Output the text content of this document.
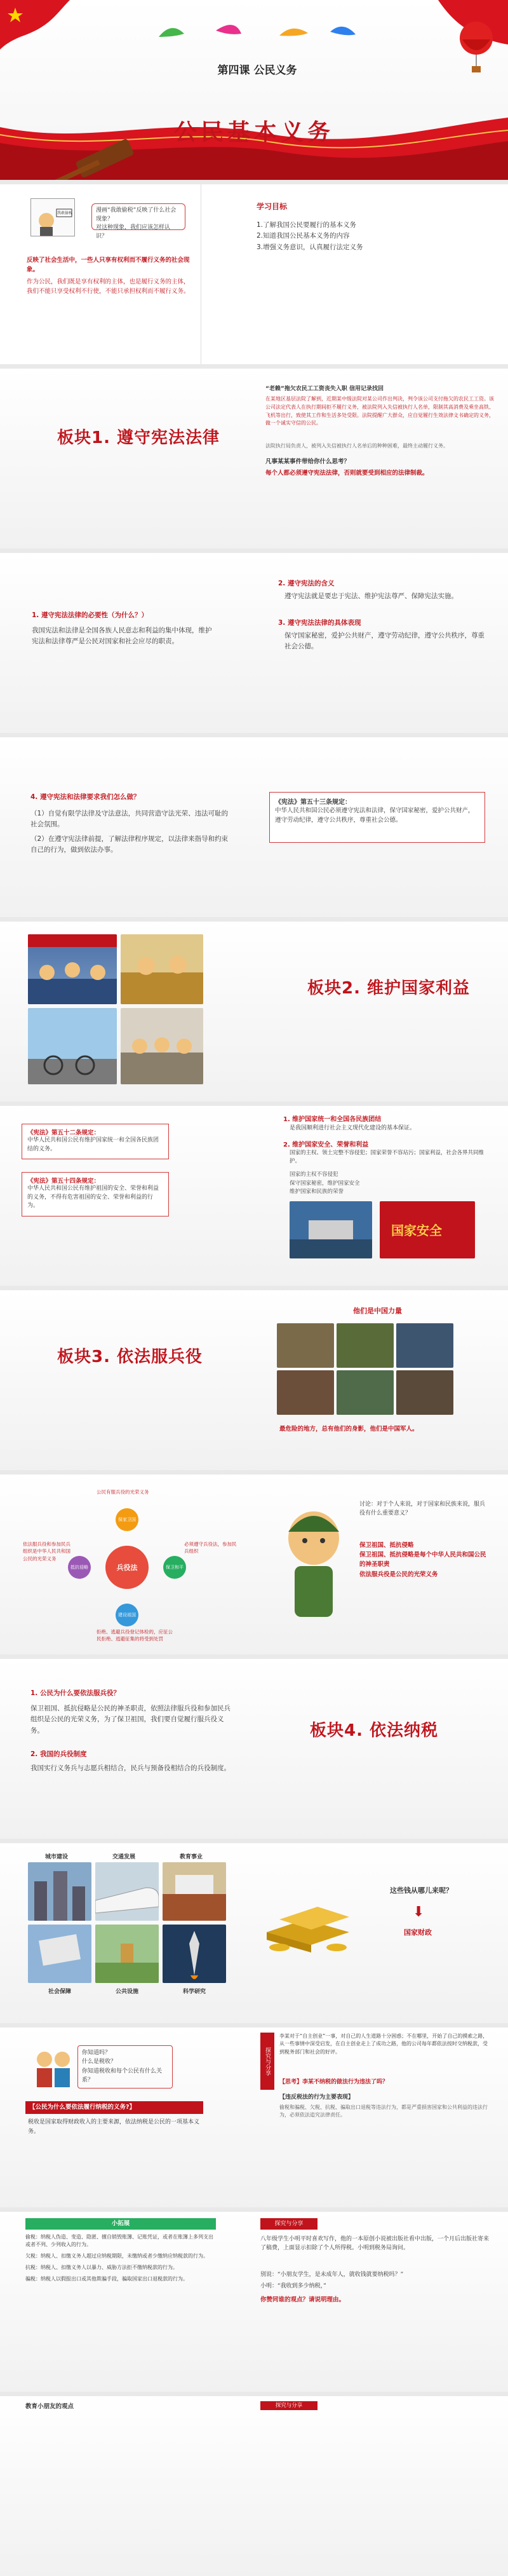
第四课 公民义务
公民基本义务
我敢偷税	漫画“我敢偷税”反映了什么社会现象？
对这种现象，我们应该怎样认识？
反映了社会生活中，一些人只享有权利而不履行义务的社会现象。
作为公民，我们既是享有权利的主体，也是履行义务的主体，我们不能只享受权利不行使，不能只承担权利而不履行义务。
学习目标
1.了解我国公民要履行的基本义务
2.知道我国公民基本义务的内容
3.增强义务意识，认真履行法定义务
板块1. 遵守宪法法律
“老赖”拖欠农民工工资丧失入职 信用记录找回
在某地区基层法院了解到，近期某中级法院对某公司作出判决，判令该公司支付拖欠的农民工工资。该公司法定代表人在执行期间拒不履行义务，被法院列入失信被执行人名单，限制其高消费及乘坐高铁、飞机等出行，致使其工作和生活多处受限。法院提醒广大群众，应自觉履行生效法律文书确定的义务，做一个诚实守信的公民。
法院执行局负责人，被列入失信被执行人名单后的种种困难，最终主动履行义务。
凡事某某事件带给你什么思考？
每个人都必须遵守宪法法律，否则就要受到相应的法律制裁。
1. 遵守宪法法律的必要性（为什么？）
我国宪法和法律是全国各族人民意志和利益的集中体现，维护宪法和法律尊严是公民对国家和社会应尽的职责。
2. 遵守宪法的含义
遵守宪法就是要忠于宪法、维护宪法尊严、保障宪法实施。
3. 遵守宪法法律的具体表现
保守国家秘密，爱护公共财产，遵守劳动纪律，遵守公共秩序，尊重社会公德。
4. 遵守宪法和法律要求我们怎么做？
（1）自觉有限学法律及守法意法，共同营造守法光荣、违法可耻的社会氛围。
（2）在遵守宪法律前提，了解法律程序规定，以法律来指导和约束自己的行为，做到依法办事。
《宪法》第五十三条规定：
中华人民共和国公民必须遵守宪法和法律，保守国家秘密，爱护公共财产，遵守劳动纪律，遵守公共秩序，尊重社会公德。
板块2. 维护国家利益
《宪法》第五十二条规定：
中华人民共和国公民有维护国家统一和全国各民族团结的义务。
《宪法》第五十四条规定：
中华人民共和国公民有维护祖国的安全、荣誉和利益的义务，不得有危害祖国的安全、荣誉和利益的行为。
1. 维护国家统一和全国各民族团结
是我国顺利进行社会主义现代化建设的基本保证。
2. 维护国家安全、荣誉和利益
国家的主权、领土完整不容侵犯；国家荣誉不容玷污；国家利益，社会各界共同维护。
国家的主权不容侵犯
保守国家秘密，维护国家安全
维护国家和民族的荣誉
国家安全
板块3. 依法服兵役
他们是中国力量
最危险的地方，总有他们的身影，他们是中国军人。
兵役法
保家卫国
抵抗侵略	保卫和平
建设祖国
依法服兵役和参加民兵组织是中华人民共和国公民的光荣义务
必须遵守兵役法，参加民兵组织
拒绝、逃避兵役登记体检的，应征公民拒绝、逃避征集的将受到处罚
公民有服兵役的光荣义务
讨论：对于个人来说，对于国家和民族来说，服兵役有什么重要意义？
保卫祖国、抵抗侵略
保卫祖国、抵抗侵略是每个中华人民共和国公民的神圣职责
依法服兵役是公民的光荣义务
1. 公民为什么要依法服兵役？
保卫祖国、抵抗侵略是公民的神圣职责，依照法律服兵役和参加民兵组织是公民的光荣义务，为了保卫祖国，我们要自觉履行服兵役义务。
2. 我国的兵役制度
我国实行义务兵与志愿兵相结合，民兵与预备役相结合的兵役制度。
板块4. 依法纳税
城市建设	交通发展	教育事业
社会保障	公共设施	科学研究
这些钱从哪儿来呢？
⬇
国家财政
你知道吗？
什么是税收？
你知道税收和每个公民有什么关系？
【公民为什么要依法履行纳税的义务?】
税收是国家取得财政收入的主要来源，依法纳税是公民的一项基本义务。
探究与分享
李某对于“自主创业”一事，对自己的人生道路十分困惑；不在哪里，开始了自己的摸索之路，从一些事情中深受启发，在自主创业走上了成功之路，他的公司每年都依法按时交纳税款，受到税务部门和社会的好评。
【思考】李某不纳税的做法行为违法了吗？
【违反税法的行为主要表现】
偷税和骗税、欠税、抗税、骗取出口退税等违法行为，都是严重损害国家和公共利益的违法行为，必须依法追究法律责任。
小拓展
偷税：纳税人伪造、变造、隐匿、擅自销毁账簿、记账凭证，或者在账簿上多列支出或者不列、少列收入的行为。
欠税：纳税人、扣缴义务人超过应纳税期限，未缴纳或者少缴纳应纳税款的行为。
抗税：纳税人、扣缴义务人以暴力、威胁方法拒不缴纳税款的行为。
骗税：纳税人以假报出口或其他欺骗手段，骗取国家出口退税款的行为。
探究与分享
八年级学生小明平时喜欢写作，他的一本原创小说被出版社看中出版，一个月后出版社寄来了稿费，上面显示扣除了个人所得税。小明到税务局询问。
别说：“小朋友学生，是未成年人，就收钱就要纳税吗？”
小明：“我收到多少纳税，”
你赞同谁的观点？请说明理由。
教育小朋友的观点	探究与分享
